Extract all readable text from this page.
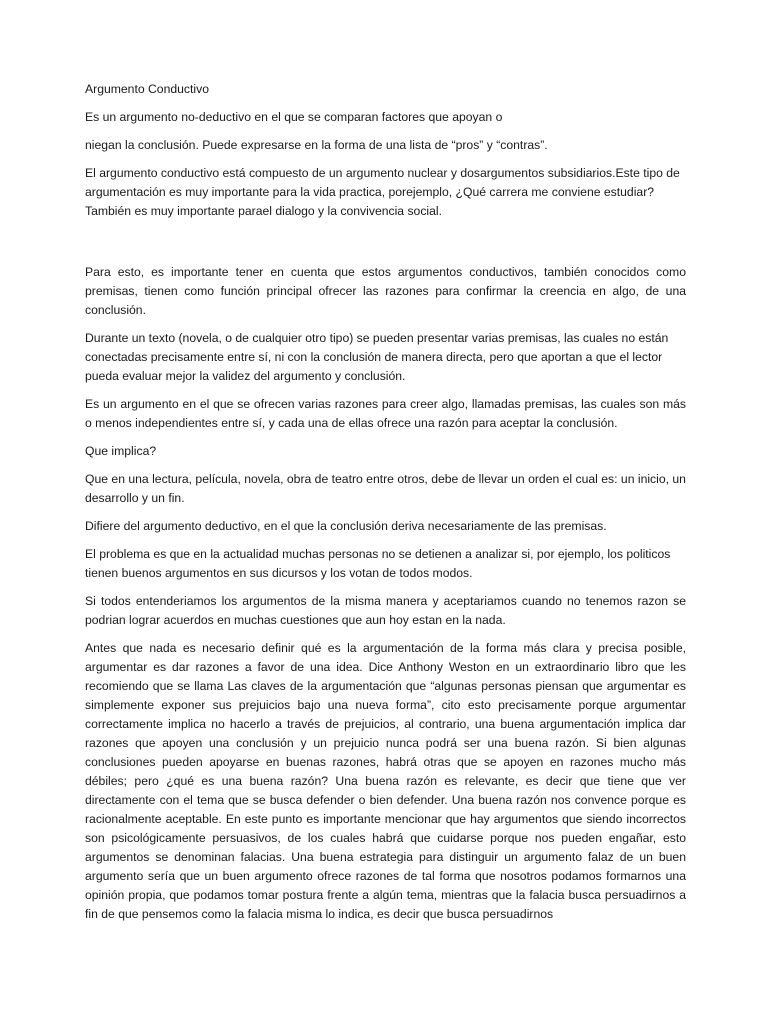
Argumento Conductivo

Es un argumento no-deductivo en el que se comparan factores que apoyan o

niegan la conclusión. Puede expresarse en la forma de una lista de “pros” y “contras”.

El argumento conductivo está compuesto de un argumento nuclear y dosargumentos subsidiarios.Este tipo de argumentación es muy importante para la vida practica, porejemplo, ¿Qué carrera me conviene estudiar? También es muy importante parael dialogo y la convivencia social.

Para esto, es importante tener en cuenta que estos argumentos conductivos, también conocidos como premisas, tienen como función principal ofrecer las razones para confirmar la creencia en algo, de una conclusión.

Durante un texto (novela, o de cualquier otro tipo) se pueden presentar varias premisas, las cuales no están conectadas precisamente entre sí, ni con la conclusión de manera directa, pero que aportan a que el lector pueda evaluar mejor la validez del argumento y conclusión.

Es un argumento en el que se ofrecen varias razones para creer algo, llamadas premisas, las cuales son más o menos independientes entre sí, y cada una de ellas ofrece una razón para aceptar la conclusión.

Que implica?

Que en una lectura, película, novela, obra de teatro entre otros, debe de llevar un orden el cual es: un inicio, un desarrollo y un fin.

Difiere del argumento deductivo, en el que la conclusión deriva necesariamente de las premisas.

El problema es que en la actualidad muchas personas no se detienen a analizar si, por ejemplo, los politicos tienen buenos argumentos en sus dicursos y los votan de todos modos.

Si todos entenderiamos los argumentos de la misma manera y aceptariamos cuando no tenemos razon se podrian lograr acuerdos en muchas cuestiones que aun hoy estan en la nada.

Antes que nada es necesario definir qué es la argumentación de la forma más clara y precisa posible, argumentar es dar razones a favor de una idea. Dice Anthony Weston en un extraordinario libro que les recomiendo que se llama Las claves de la argumentación que “algunas personas piensan que argumentar es simplemente exponer sus prejuicios bajo una nueva forma”, cito esto precisamente porque argumentar correctamente implica no hacerlo a través de prejuicios, al contrario, una buena argumentación implica dar razones que apoyen una conclusión y un prejuicio nunca podrá ser una buena razón. Si bien algunas conclusiones pueden apoyarse en buenas razones, habrá otras que se apoyen en razones mucho más débiles; pero ¿qué es una buena razón? Una buena razón es relevante, es decir que tiene que ver directamente con el tema que se busca defender o bien defender. Una buena razón nos convence porque es racionalmente aceptable. En este punto es importante mencionar que hay argumentos que siendo incorrectos son psicológicamente persuasivos, de los cuales habrá que cuidarse porque nos pueden engañar, esto argumentos se denominan falacias. Una buena estrategia para distinguir un argumento falaz de un buen argumento sería que un buen argumento ofrece razones de tal forma que nosotros podamos formarnos una opinión propia, que podamos tomar postura frente a algún tema, mientras que la falacia busca persuadirnos a fin de que pensemos como la falacia misma lo indica, es decir que busca persuadirnos
